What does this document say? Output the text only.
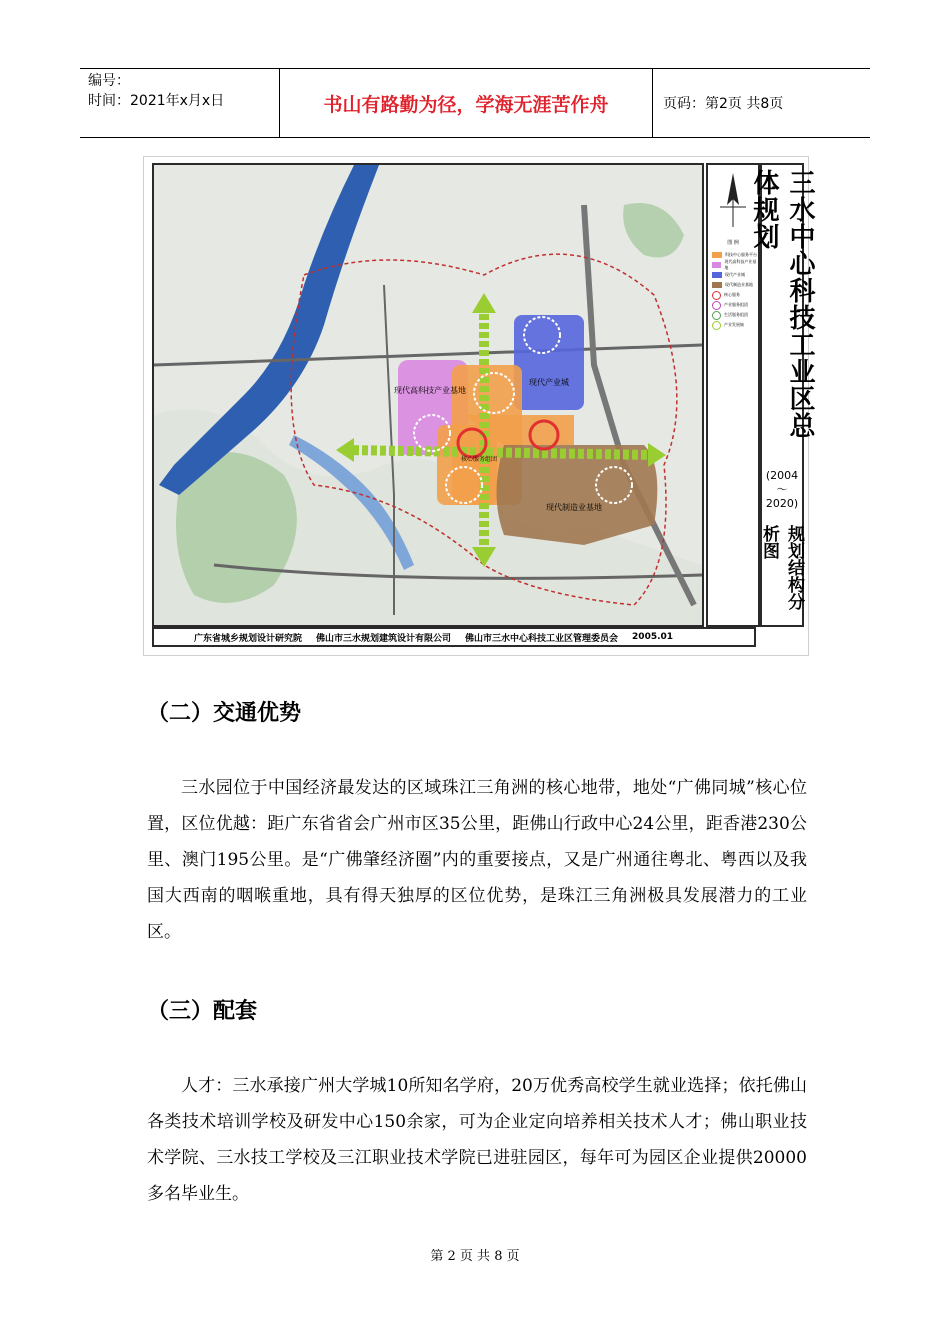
编号：
时间：2021年x月x日	书山有路勤为径，学海无涯苦作舟	页码：第2页 共8页
现代高科技产业基地
现代产业城
现代制造业基地
核心服务组团
图 例
科技中心服务平台
现代高科技产业基地
现代产业城
现代制造业基地
核心服务
产业服务组团
生活服务组团
产业发展轴	三水中心科技工业区总体规划
(2004
～
2020)
规划结构分析图
广东省城乡规划设计研究院 佛山市三水规划建筑设计有限公司 佛山市三水中心科技工业区管理委员会 2005.01
（二）交通优势
三水园位于中国经济最发达的区域珠江三角洲的核心地带，地处“广佛同城”核心位置，区位优越：距广东省省会广州市区35公里，距佛山行政中心24公里，距香港230公里、澳门195公里。是“广佛肇经济圈”内的重要接点，又是广州通往粤北、粤西以及我国大西南的咽喉重地，具有得天独厚的区位优势，是珠江三角洲极具发展潜力的工业区。
（三）配套
人才：三水承接广州大学城10所知名学府，20万优秀高校学生就业选择；依托佛山各类技术培训学校及研发中心150余家，可为企业定向培养相关技术人才；佛山职业技术学院、三水技工学校及三江职业技术学院已进驻园区，每年可为园区企业提供20000多名毕业生。
第 2 页 共 8 页
